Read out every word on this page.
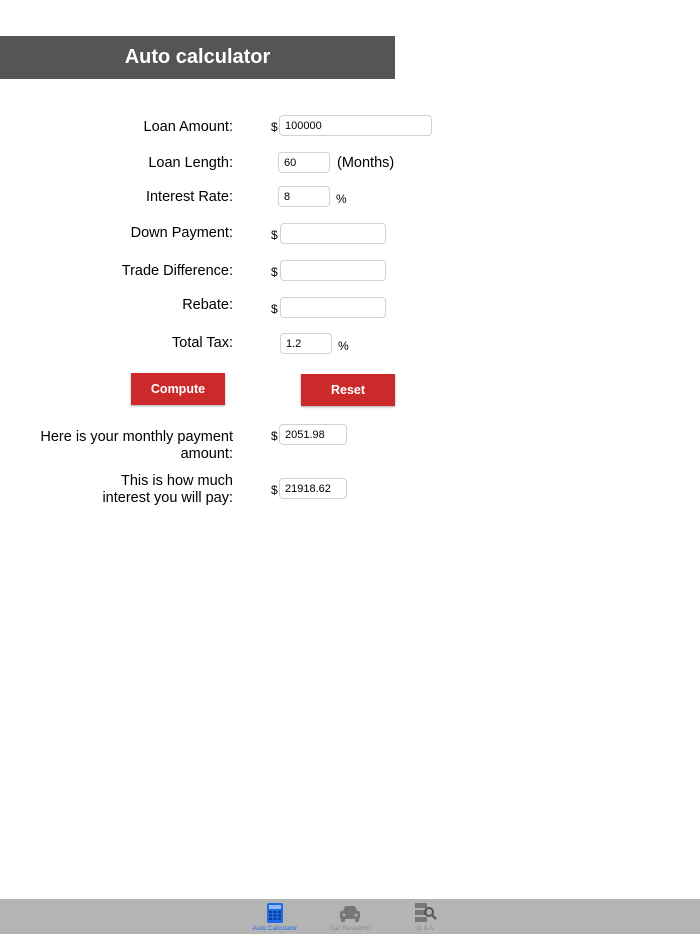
Auto calculator
Loan Amount:	$
100000
Loan Length:
60	(Months)
Interest Rate:
8	%
Down Payment:	$
Trade Difference:	$
Rebate:	$
Total Tax:
1.2	%
Compute	Reset
Here is your monthly payment
amount:
$
2051.98
This is how much
interest you will pay:	$
21918.62
Auto Calculator	Car Research	Q & A
